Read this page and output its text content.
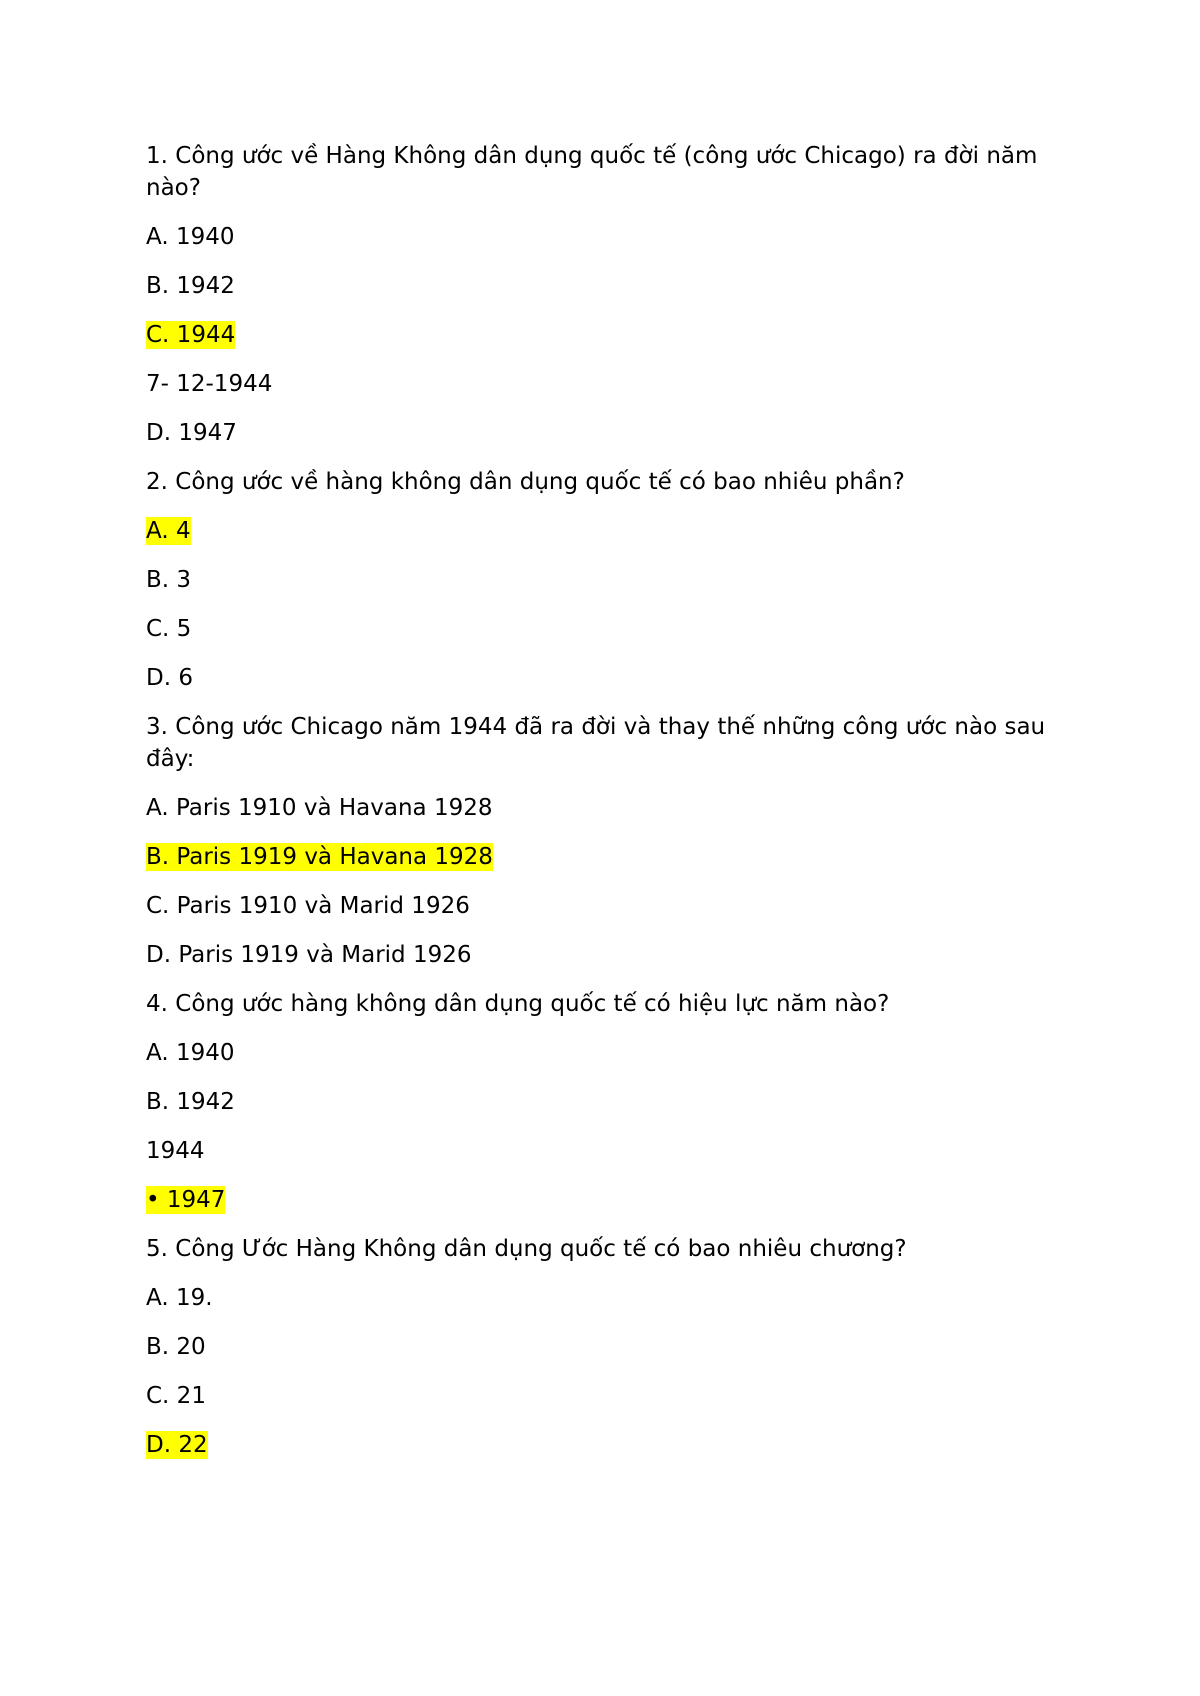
1. Công ước về Hàng Không dân dụng quốc tế (công ước Chicago) ra đời năm nào?
A. 1940
B. 1942
C. 1944
7- 12-1944
D. 1947
2. Công ước về hàng không dân dụng quốc tế có bao nhiêu phần?
A. 4
B. 3
C. 5
D. 6
3. Công ước Chicago năm 1944 đã ra đời và thay thế những công ước nào sau đây:
A. Paris 1910 và Havana 1928
B. Paris 1919 và Havana 1928
C. Paris 1910 và Marid 1926
D. Paris 1919 và Marid 1926
4. Công ước hàng không dân dụng quốc tế có hiệu lực năm nào?
A. 1940
B. 1942
1944
• 1947
5. Công Ước Hàng Không dân dụng quốc tế có bao nhiêu chương?
A. 19.
B. 20
C. 21
D. 22
